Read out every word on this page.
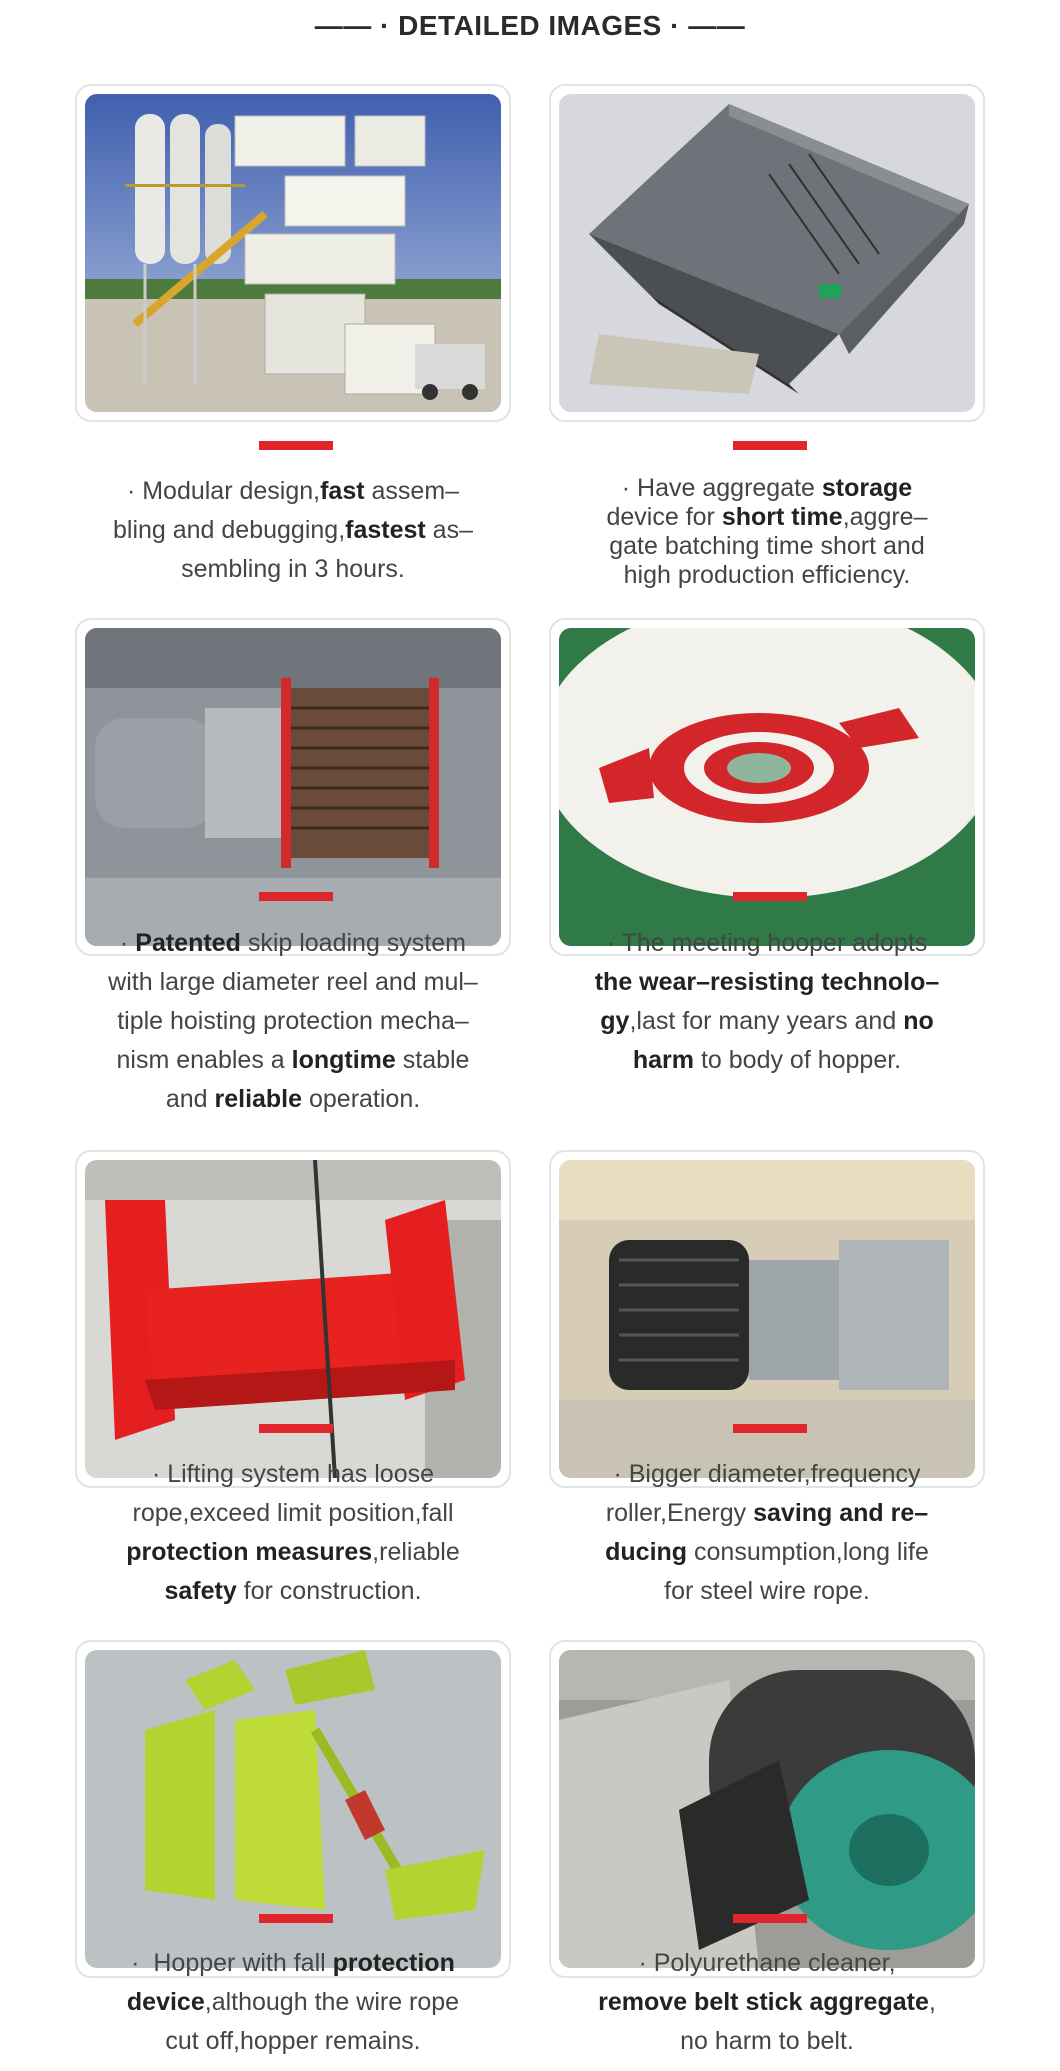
—— · DETAILED IMAGES · ——
· Modular design,fast assem–
bling and debugging,fastest as–
sembling in 3 hours.
· Have aggregate storage
device for short time,aggre–
gate batching time short and
high production efficiency.
· Patented skip loading system
with large diameter reel and mul–
tiple hoisting protection mecha–
nism enables a longtime stable
and reliable operation.
· The meeting hooper adopts
the wear–resisting technolo–
gy,last for many years and no
harm to body of hopper.
· Lifting system has loose
rope,exceed limit position,fall
protection measures,reliable
safety for construction.
· Bigger diameter,frequency
roller,Energy saving and re–
ducing consumption,long life
for steel wire rope.
·  Hopper with fall protection
device,although the wire rope
cut off,hopper remains.
· Polyurethane cleaner,
remove belt stick aggregate,
no harm to belt.
